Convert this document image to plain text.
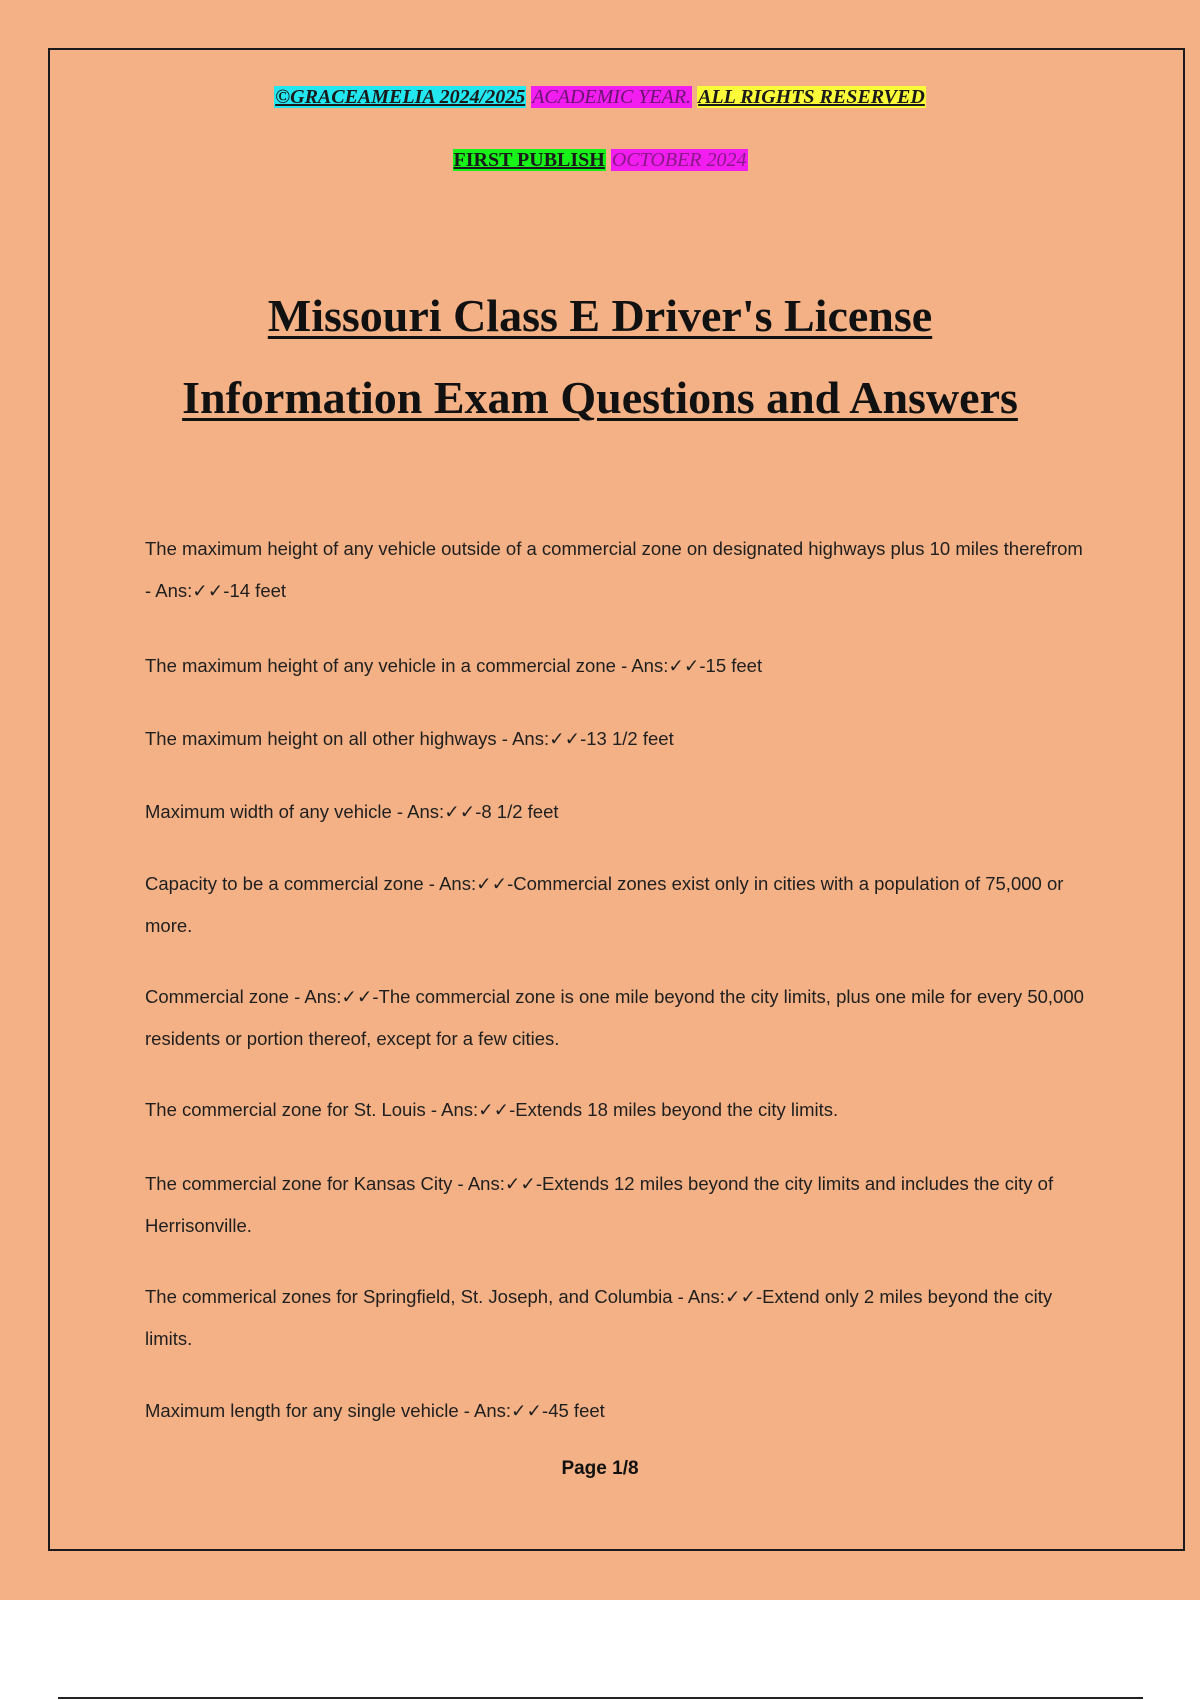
©GRACEAMELIA 2024/2025 ACADEMIC YEAR. ALL RIGHTS RESERVED
FIRST PUBLISH OCTOBER 2024
Missouri Class E Driver's License
Information Exam Questions and Answers

The maximum height of any vehicle outside of a commercial zone on designated highways plus 10 miles therefrom - Ans:✓✓-14 feet

The maximum height of any vehicle in a commercial zone - Ans:✓✓-15 feet

The maximum height on all other highways - Ans:✓✓-13 1/2 feet

Maximum width of any vehicle - Ans:✓✓-8 1/2 feet

Capacity to be a commercial zone - Ans:✓✓-Commercial zones exist only in cities with a population of 75,000 or more.

Commercial zone - Ans:✓✓-The commercial zone is one mile beyond the city limits, plus one mile for every 50,000 residents or portion thereof, except for a few cities.

The commercial zone for St. Louis - Ans:✓✓-Extends 18 miles beyond the city limits.

The commercial zone for Kansas City - Ans:✓✓-Extends 12 miles beyond the city limits and includes the city of Herrisonville.

The commerical zones for Springfield, St. Joseph, and Columbia - Ans:✓✓-Extend only 2 miles beyond the city limits.

Maximum length for any single vehicle - Ans:✓✓-45 feet

Page 1/8
